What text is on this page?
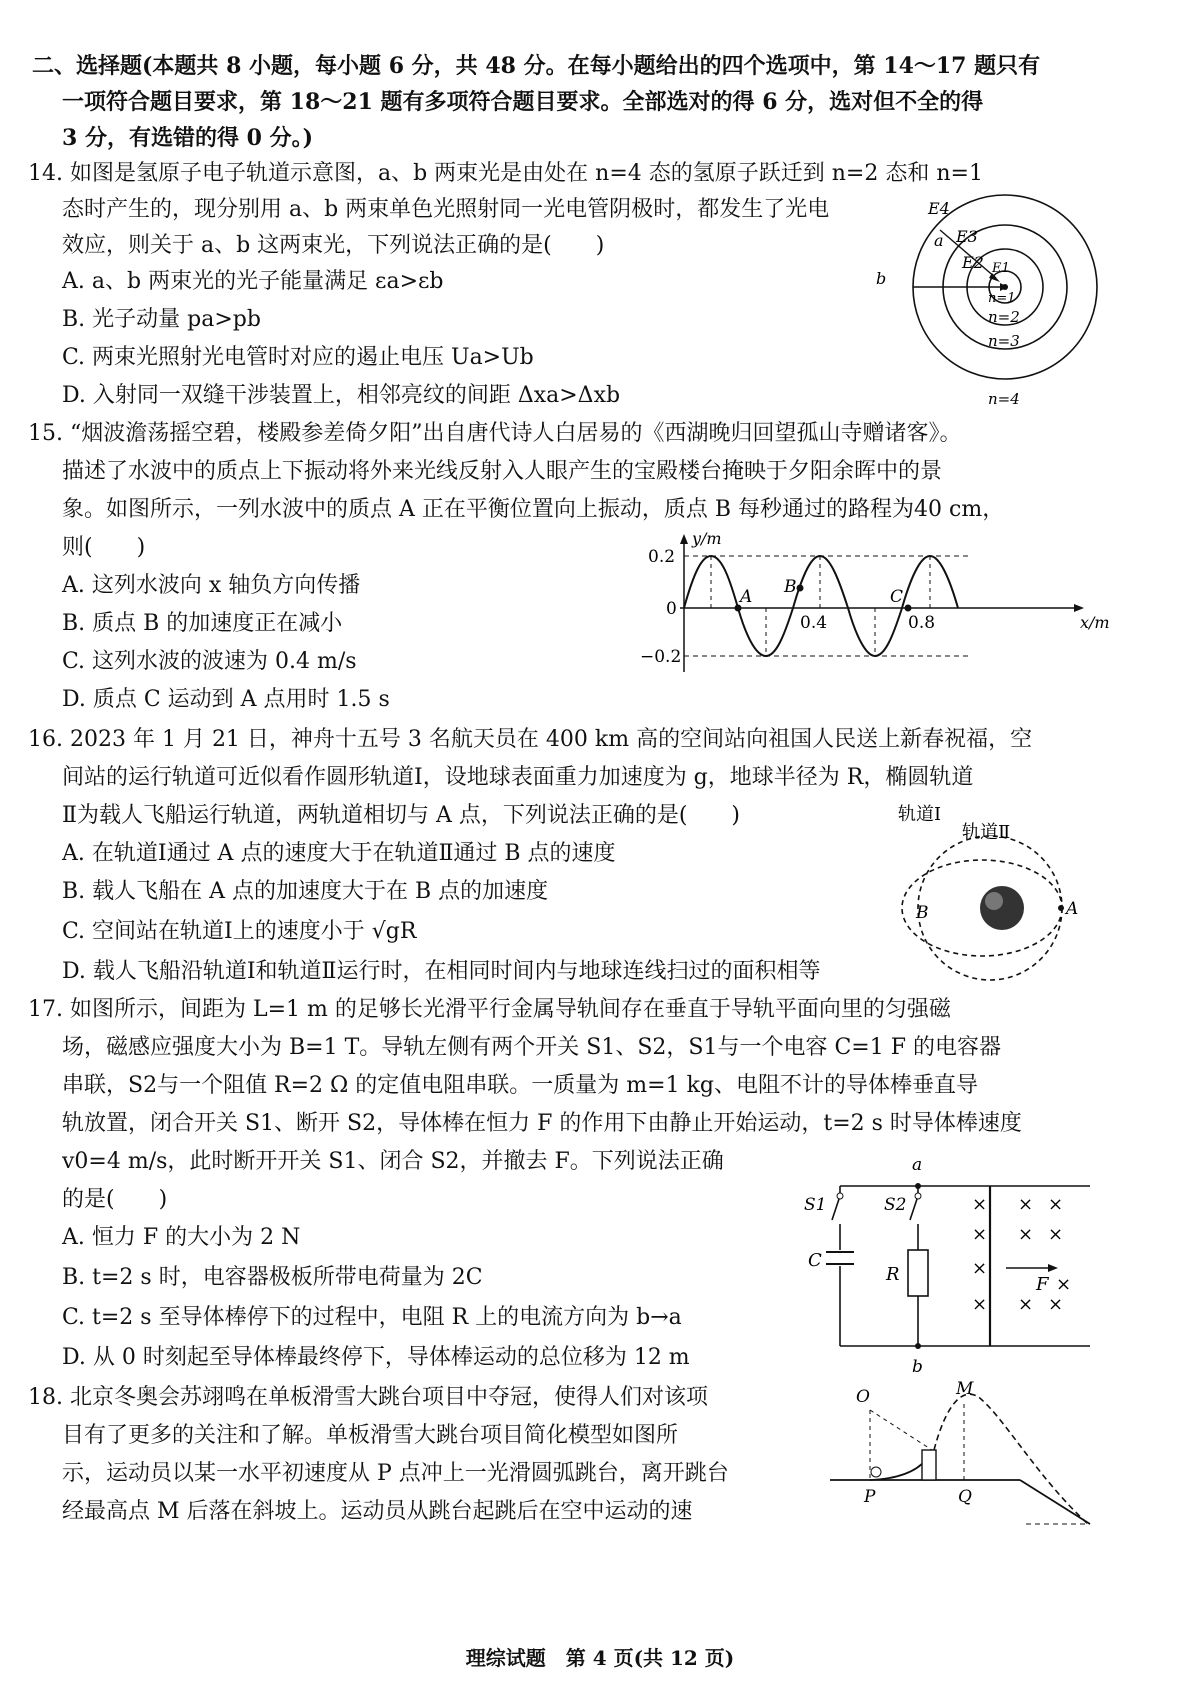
二、选择题(本题共 8 小题，每小题 6 分，共 48 分。在每小题给出的四个选项中，第 14～17 题只有
一项符合题目要求，第 18～21 题有多项符合题目要求。全部选对的得 6 分，选对但不全的得
3 分，有选错的得 0 分。)
14. 如图是氢原子电子轨道示意图，a、b 两束光是由处在 n=4 态的氢原子跃迁到 n=2 态和 n=1
态时产生的，现分别用 a、b 两束单色光照射同一光电管阴极时，都发生了光电
效应，则关于 a、b 这两束光，下列说法正确的是(　　)
A. a、b 两束光的光子能量满足 εa>εb
B. 光子动量 pa>pb
C. 两束光照射光电管时对应的遏止电压 Ua>Ub
D. 入射同一双缝干涉装置上，相邻亮纹的间距 Δxa>Δxb
E4
a E3
E2 E1
b
n=1
n=2
n=3
n=4
15. “烟波澹荡摇空碧，楼殿参差倚夕阳”出自唐代诗人白居易的《西湖晚归回望孤山寺赠诸客》。
描述了水波中的质点上下振动将外来光线反射入人眼产生的宝殿楼台掩映于夕阳余晖中的景
象。如图所示，一列水波中的质点 A 正在平衡位置向上振动，质点 B 每秒通过的路程为40 cm，
则(　　)
A. 这列水波向 x 轴负方向传播
B. 质点 B 的加速度正在减小
C. 这列水波的波速为 0.4 m/s
D. 质点 C 运动到 A 点用时 1.5 s
y/m
x/m
0.2
0
−0.2
0.4	0.8
A B	C
16. 2023 年 1 月 21 日，神舟十五号 3 名航天员在 400 km 高的空间站向祖国人民送上新春祝福，空
间站的运行轨道可近似看作圆形轨道Ⅰ，设地球表面重力加速度为 g，地球半径为 R，椭圆轨道
Ⅱ为载人飞船运行轨道，两轨道相切与 A 点，下列说法正确的是(　　)
A. 在轨道Ⅰ通过 A 点的速度大于在轨道Ⅱ通过 B 点的速度
B. 载人飞船在 A 点的加速度大于在 B 点的加速度
C. 空间站在轨道Ⅰ上的速度小于 √gR
D. 载人飞船沿轨道Ⅰ和轨道Ⅱ运行时，在相同时间内与地球连线扫过的面积相等
轨道Ⅰ
轨道Ⅱ
A
B
17. 如图所示，间距为 L=1 m 的足够长光滑平行金属导轨间存在垂直于导轨平面向里的匀强磁
场，磁感应强度大小为 B=1 T。导轨左侧有两个开关 S1、S2，S1与一个电容 C=1 F 的电容器
串联，S2与一个阻值 R=2 Ω 的定值电阻串联。一质量为 m=1 kg、电阻不计的导体棒垂直导
轨放置，闭合开关 S1、断开 S2，导体棒在恒力 F 的作用下由静止开始运动，t=2 s 时导体棒速度
v0=4 m/s，此时断开开关 S1、闭合 S2，并撤去 F。下列说法正确
的是(　　)
A. 恒力 F 的大小为 2 N
B. t=2 s 时，电容器极板所带电荷量为 2C
C. t=2 s 至导体棒停下的过程中，电阻 R 上的电流方向为 b→a
D. 从 0 时刻起至导体棒最终停下，导体棒运动的总位移为 12 m
a
b
S1	S2
C
R	F
× × ×
× × ×
×
×
× × ×
18. 北京冬奥会苏翊鸣在单板滑雪大跳台项目中夺冠，使得人们对该项
目有了更多的关注和了解。单板滑雪大跳台项目简化模型如图所
示，运动员以某一水平初速度从 P 点冲上一光滑圆弧跳台，离开跳台
经最高点 M 后落在斜坡上。运动员从跳台起跳后在空中运动的速
O	M
P	Q
理综试题　第 4 页(共 12 页)
